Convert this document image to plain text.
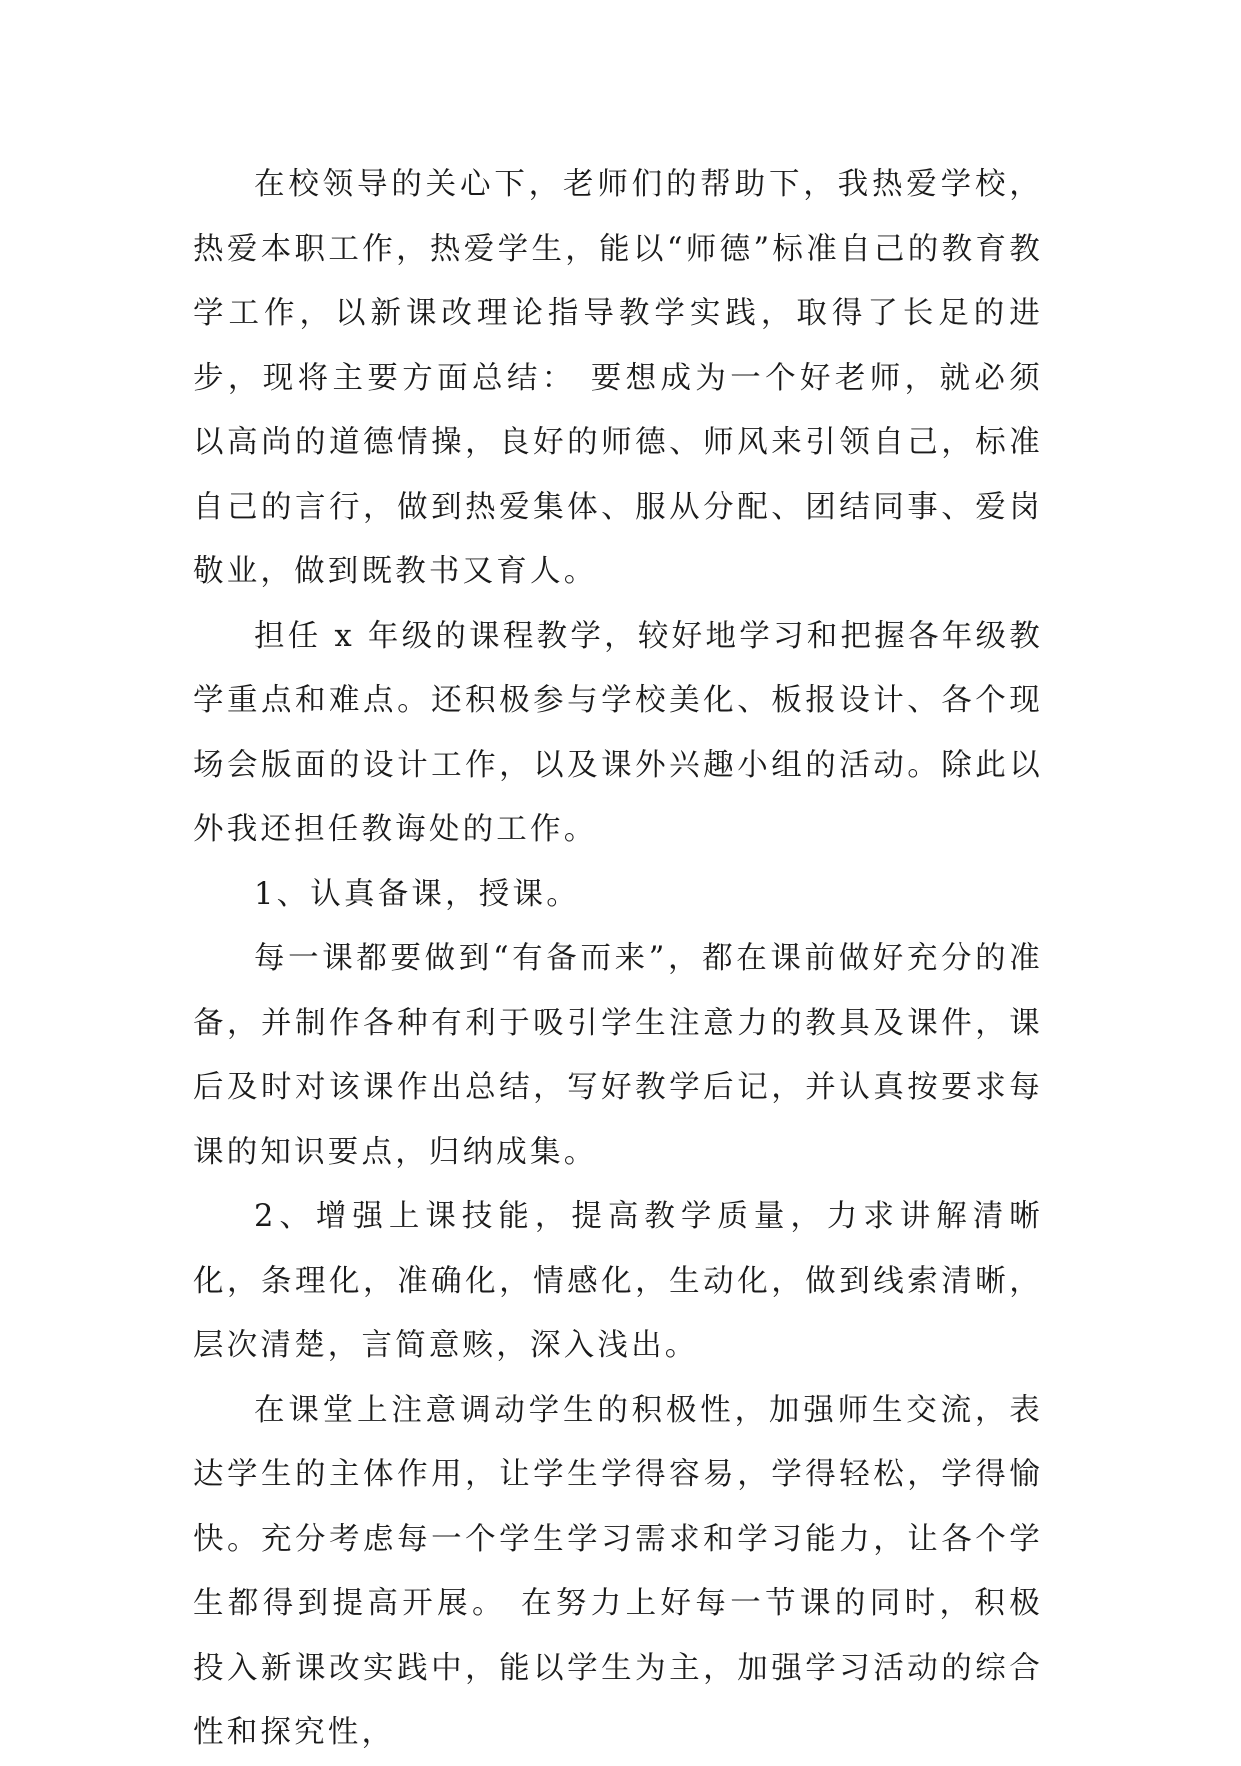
在校领导的关心下，老师们的帮助下，我热爱学校，热爱本职工作，热爱学生，能以“师德”标准自己的教育教学工作，以新课改理论指导教学实践，取得了长足的进步，现将主要方面总结： 要想成为一个好老师，就必须以高尚的道德情操，良好的师德、师风来引领自己，标准自己的言行，做到热爱集体、服从分配、团结同事、爱岗敬业，做到既教书又育人。

担任 x 年级的课程教学，较好地学习和把握各年级教学重点和难点。还积极参与学校美化、板报设计、各个现场会版面的设计工作，以及课外兴趣小组的活动。除此以外我还担任教诲处的工作。

1、认真备课，授课。

每一课都要做到“有备而来”，都在课前做好充分的准备，并制作各种有利于吸引学生注意力的教具及课件，课后及时对该课作出总结，写好教学后记，并认真按要求每课的知识要点，归纳成集。

2、增强上课技能，提高教学质量，力求讲解清晰化，条理化，准确化，情感化，生动化，做到线索清晰，层次清楚，言简意赅，深入浅出。

在课堂上注意调动学生的积极性，加强师生交流，表达学生的主体作用，让学生学得容易，学得轻松，学得愉快。充分考虑每一个学生学习需求和学习能力，让各个学生都得到提高开展。 在努力上好每一节课的同时，积极投入新课改实践中，能以学生为主，加强学习活动的综合性和探究性，
